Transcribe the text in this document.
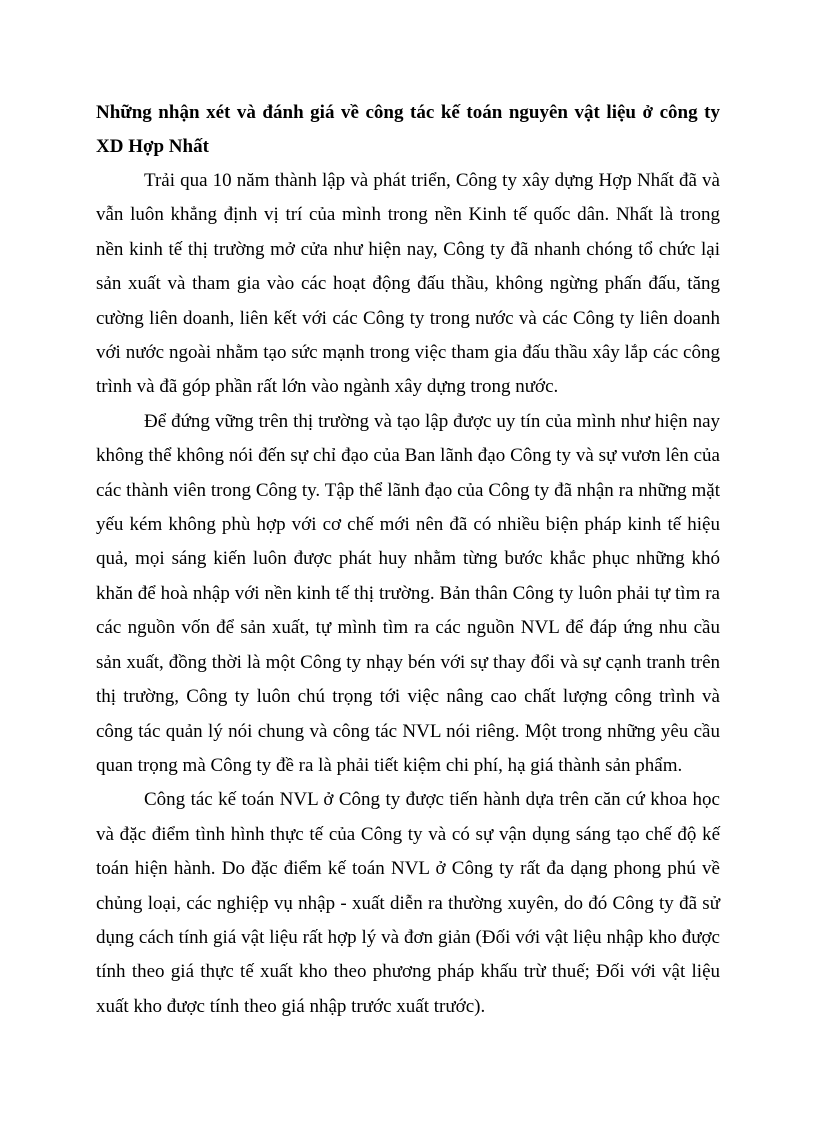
Những nhận xét và đánh giá về công tác kế toán nguyên vật liệu ở công ty XD Hợp Nhất

Trải qua 10 năm thành lập và phát triển, Công ty xây dựng Hợp Nhất đã và vẫn luôn khẳng định vị trí của mình trong nền Kinh tế quốc dân. Nhất là trong nền kinh tế thị trường mở cửa như hiện nay, Công ty đã nhanh chóng tổ chức lại sản xuất và tham gia vào các hoạt động đấu thầu, không ngừng phấn đấu, tăng cường liên doanh, liên kết với các Công ty trong nước và các Công ty liên doanh với nước ngoài nhằm tạo sức mạnh trong việc tham gia đấu thầu xây lắp các công trình và đã góp phần rất lớn vào ngành xây dựng trong nước.

Để đứng vững trên thị trường và tạo lập được uy tín của mình như hiện nay không thể không nói đến sự chỉ đạo của Ban lãnh đạo Công ty và sự vươn lên của các thành viên trong Công ty. Tập thể lãnh đạo của Công ty đã nhận ra những mặt yếu kém không phù hợp với cơ chế mới nên đã có nhiều biện pháp kinh tế hiệu quả, mọi sáng kiến luôn được phát huy nhằm từng bước khắc phục những khó khăn để hoà nhập với nền kinh tế thị trường. Bản thân Công ty luôn phải tự tìm ra các nguồn vốn để sản xuất, tự mình tìm ra các nguồn NVL để đáp ứng nhu cầu sản xuất, đồng thời là một Công ty nhạy bén với sự thay đổi và sự cạnh tranh trên thị trường, Công ty luôn chú trọng tới việc nâng cao chất lượng công trình và công tác quản lý nói chung và công tác NVL nói riêng. Một trong những yêu cầu quan trọng mà Công ty đề ra là phải tiết kiệm chi phí, hạ giá thành sản phẩm.

Công tác kế toán NVL ở Công ty được tiến hành dựa trên căn cứ khoa học và đặc điểm tình hình thực tế của Công ty và có sự vận dụng sáng tạo chế độ kế toán hiện hành. Do đặc điểm kế toán NVL ở Công ty rất đa dạng phong phú về chủng loại, các nghiệp vụ nhập - xuất diễn ra thường xuyên, do đó Công ty đã sử dụng cách tính giá vật liệu rất hợp lý và đơn giản (Đối với vật liệu nhập kho được tính theo giá thực tế xuất kho theo phương pháp khấu trừ thuế; Đối với vật liệu xuất kho được tính theo giá nhập trước xuất trước).
